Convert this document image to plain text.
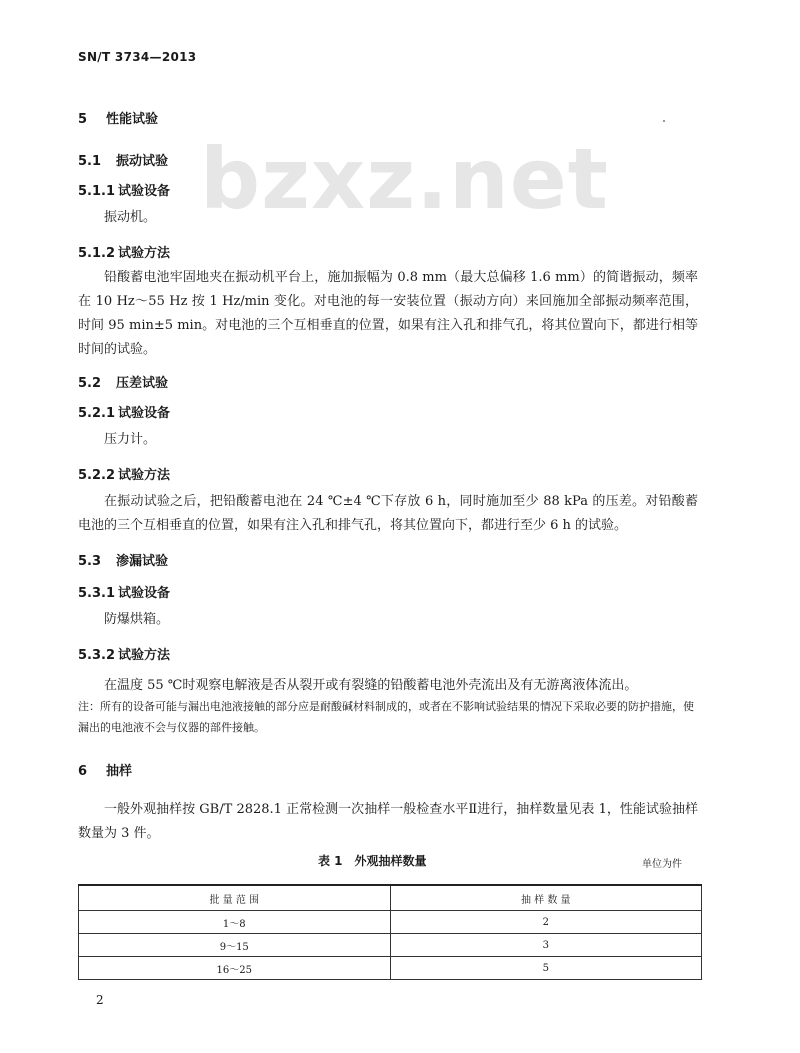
SN/T 3734—2013
bzxz.net
5 性能试验
5.1 振动试验
5.1.1 试验设备
振动机。
5.1.2 试验方法
铅酸蓄电池牢固地夹在振动机平台上，施加振幅为 0.8 mm（最大总偏移 1.6 mm）的简谐振动，频率在 10 Hz～55 Hz 按 1 Hz/min 变化。对电池的每一安装位置（振动方向）来回施加全部振动频率范围，时间 95 min±5 min。对电池的三个互相垂直的位置，如果有注入孔和排气孔，将其位置向下，都进行相等时间的试验。
5.2 压差试验
5.2.1 试验设备
压力计。
5.2.2 试验方法
在振动试验之后，把铅酸蓄电池在 24 ℃±4 ℃下存放 6 h，同时施加至少 88 kPa 的压差。对铅酸蓄电池的三个互相垂直的位置，如果有注入孔和排气孔，将其位置向下，都进行至少 6 h 的试验。
5.3 渗漏试验
5.3.1 试验设备
防爆烘箱。
5.3.2 试验方法
在温度 55 ℃时观察电解液是否从裂开或有裂缝的铅酸蓄电池外壳流出及有无游离液体流出。
注：所有的设备可能与漏出电池液接触的部分应是耐酸碱材料制成的，或者在不影响试验结果的情况下采取必要的防护措施，使漏出的电池液不会与仪器的部件接触。
6 抽样
一般外观抽样按 GB/T 2828.1 正常检测一次抽样一般检查水平Ⅱ进行，抽样数量见表 1，性能试验抽样数量为 3 件。
表 1　外观抽样数量	单位为件
批 量 范 围	抽 样 数 量
1～8	2
9～15	3
16～25	5
2
